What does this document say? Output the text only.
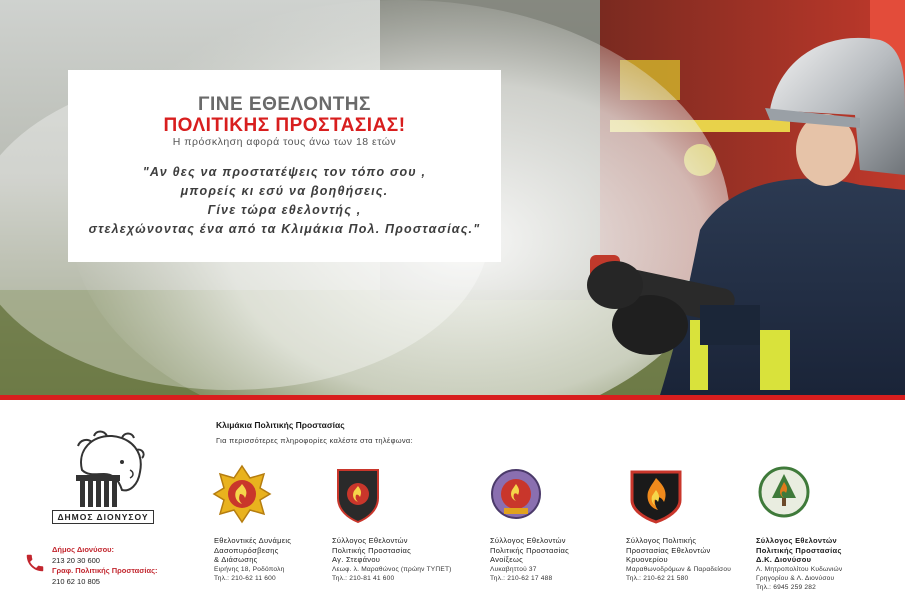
ΓΙΝΕ ΕΘΕΛΟΝΤΗΣ
ΠΟΛΙΤΙΚΗΣ ΠΡΟΣΤΑΣΙΑΣ!
Η πρόσκληση αφορά τους άνω των 18 ετών
"Αν θες να προστατέψεις τον τόπο σου ,
μπορείς κι εσύ να βοηθήσεις.
Γίνε τώρα εθελοντής ,
στελεχώνοντας ένα από τα Κλιμάκια Πολ. Προστασίας."
ΔΗΜΟΣ ΔΙΟΝΥΣΟΥ
Δήμος Διονύσου:
213 20 30 600
Γραφ. Πολιτικής Προστασίας:
210 62 10 805
Κλιμάκια Πολιτικής Προστασίας
Για περισσότερες πληροφορίες καλέστε στα τηλέφωνα:
Εθελοντικές Δυνάμεις
Δασοπυρόσβεσης
& Διάσωσης
Ειρήνης 18, Ροδόπολη
Τηλ.: 210-62 11 600
Σύλλογος Εθελοντών
Πολιτικής Προστασίας
Αγ. Στεφάνου
Λεωφ. λ. Μαραθώνος (πρώην ΤΥΠΕΤ)
Τηλ.: 210-81 41 600
Σύλλογος Εθελοντών
Πολιτικής Προστασίας
Ανοίξεως
Λυκαβηττού 37
Τηλ.: 210-62 17 488
Σύλλογος Πολιτικής
Προστασίας Εθελοντών
Κρυονερίου
Μαραθωνοδρόμων & Παραδείσου
Τηλ.: 210-62 21 580
Σύλλογος Εθελοντών
Πολιτικής Προστασίας
Δ.Κ. Διονύσου
Λ. Μητροπολίτου Κυδωνιών Γρηγορίου & Λ. Διονύσου
Τηλ.: 6945 259 282
